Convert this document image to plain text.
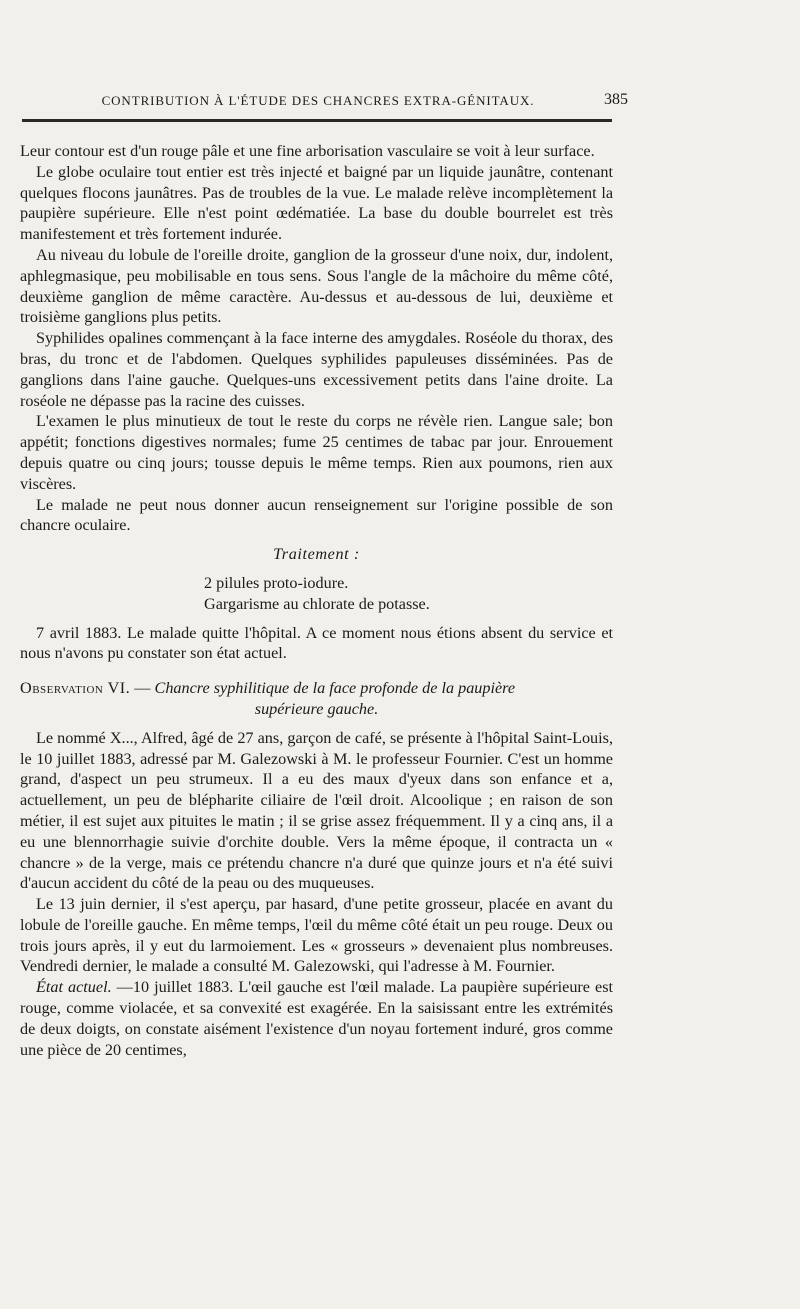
CONTRIBUTION À L'ÉTUDE DES CHANCRES EXTRA-GÉNITAUX.	385

Leur contour est d'un rouge pâle et une fine arborisation vasculaire se voit à leur surface.

Le globe oculaire tout entier est très injecté et baigné par un liquide jaunâtre, contenant quelques flocons jaunâtres. Pas de troubles de la vue. Le malade relève incomplètement la paupière supérieure. Elle n'est point œdématiée. La base du double bourrelet est très manifestement et très fortement indurée.

Au niveau du lobule de l'oreille droite, ganglion de la grosseur d'une noix, dur, indolent, aphlegmasique, peu mobilisable en tous sens. Sous l'angle de la mâchoire du même côté, deuxième ganglion de même caractère. Au-dessus et au-dessous de lui, deuxième et troisième ganglions plus petits.

Syphilides opalines commençant à la face interne des amygdales. Roséole du thorax, des bras, du tronc et de l'abdomen. Quelques syphilides papuleuses disséminées. Pas de ganglions dans l'aine gauche. Quelques-uns excessivement petits dans l'aine droite. La roséole ne dépasse pas la racine des cuisses.

L'examen le plus minutieux de tout le reste du corps ne révèle rien. Langue sale; bon appétit; fonctions digestives normales; fume 25 centimes de tabac par jour. Enrouement depuis quatre ou cinq jours; tousse depuis le même temps. Rien aux poumons, rien aux viscères.

Le malade ne peut nous donner aucun renseignement sur l'origine possible de son chancre oculaire.

Traitement :

2 pilules proto-iodure.
Gargarisme au chlorate de potasse.

7 avril 1883. Le malade quitte l'hôpital. A ce moment nous étions absent du service et nous n'avons pu constater son état actuel.

Observation VI. — Chancre syphilitique de la face profonde de la paupière
supérieure gauche.

Le nommé X..., Alfred, âgé de 27 ans, garçon de café, se présente à l'hôpital Saint-Louis, le 10 juillet 1883, adressé par M. Galezowski à M. le professeur Fournier. C'est un homme grand, d'aspect un peu strumeux. Il a eu des maux d'yeux dans son enfance et a, actuellement, un peu de blépharite ciliaire de l'œil droit. Alcoolique ; en raison de son métier, il est sujet aux pituites le matin ; il se grise assez fréquemment. Il y a cinq ans, il a eu une blennorrhagie suivie d'orchite double. Vers la même époque, il contracta un « chancre » de la verge, mais ce prétendu chancre n'a duré que quinze jours et n'a été suivi d'aucun accident du côté de la peau ou des muqueuses.

Le 13 juin dernier, il s'est aperçu, par hasard, d'une petite grosseur, placée en avant du lobule de l'oreille gauche. En même temps, l'œil du même côté était un peu rouge. Deux ou trois jours après, il y eut du larmoiement. Les « grosseurs » devenaient plus nombreuses. Vendredi dernier, le malade a consulté M. Galezowski, qui l'adresse à M. Fournier.

État actuel. —10 juillet 1883. L'œil gauche est l'œil malade. La paupière supérieure est rouge, comme violacée, et sa convexité est exagérée. En la saisissant entre les extrémités de deux doigts, on constate aisément l'existence d'un noyau fortement induré, gros comme une pièce de 20 centimes,
